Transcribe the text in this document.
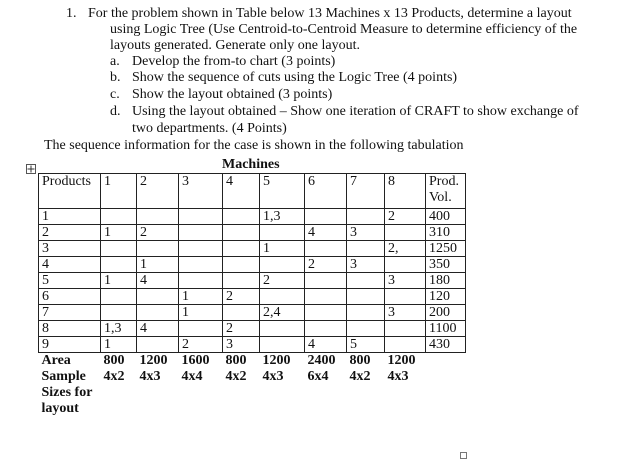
1. For the problem shown in Table below 13 Machines x 13 Products, determine a layout
using Logic Tree (Use Centroid-to-Centroid Measure to determine efficiency of the
layouts generated. Generate only one layout.
a. Develop the from-to chart (3 points)
b. Show the sequence of cuts using the Logic Tree (4 points)
c. Show the layout obtained (3 points)
d. Using the layout obtained – Show one iteration of CRAFT to show exchange of
two departments. (4 Points)
The sequence information for the case is shown in the following tabulation
Machines
Products	1	2	3	4	5	6	7	8	Prod.
Vol.

1					1,3			2	400
2	1	2				4	3		310
3					1			2,	1250
4		1				2	3		350
5	1	4			2			3	180
6			1	2					120
7			1		2,4			3	200
8	1,3	4		2					1100
9	1		2	3		4	5		430
Area	800	1200	1600	800	1200	2400	800	1200	
Sample Sizes for layout	4x2	4x3	4x4	4x2	4x3	6x4	4x2	4x3	
